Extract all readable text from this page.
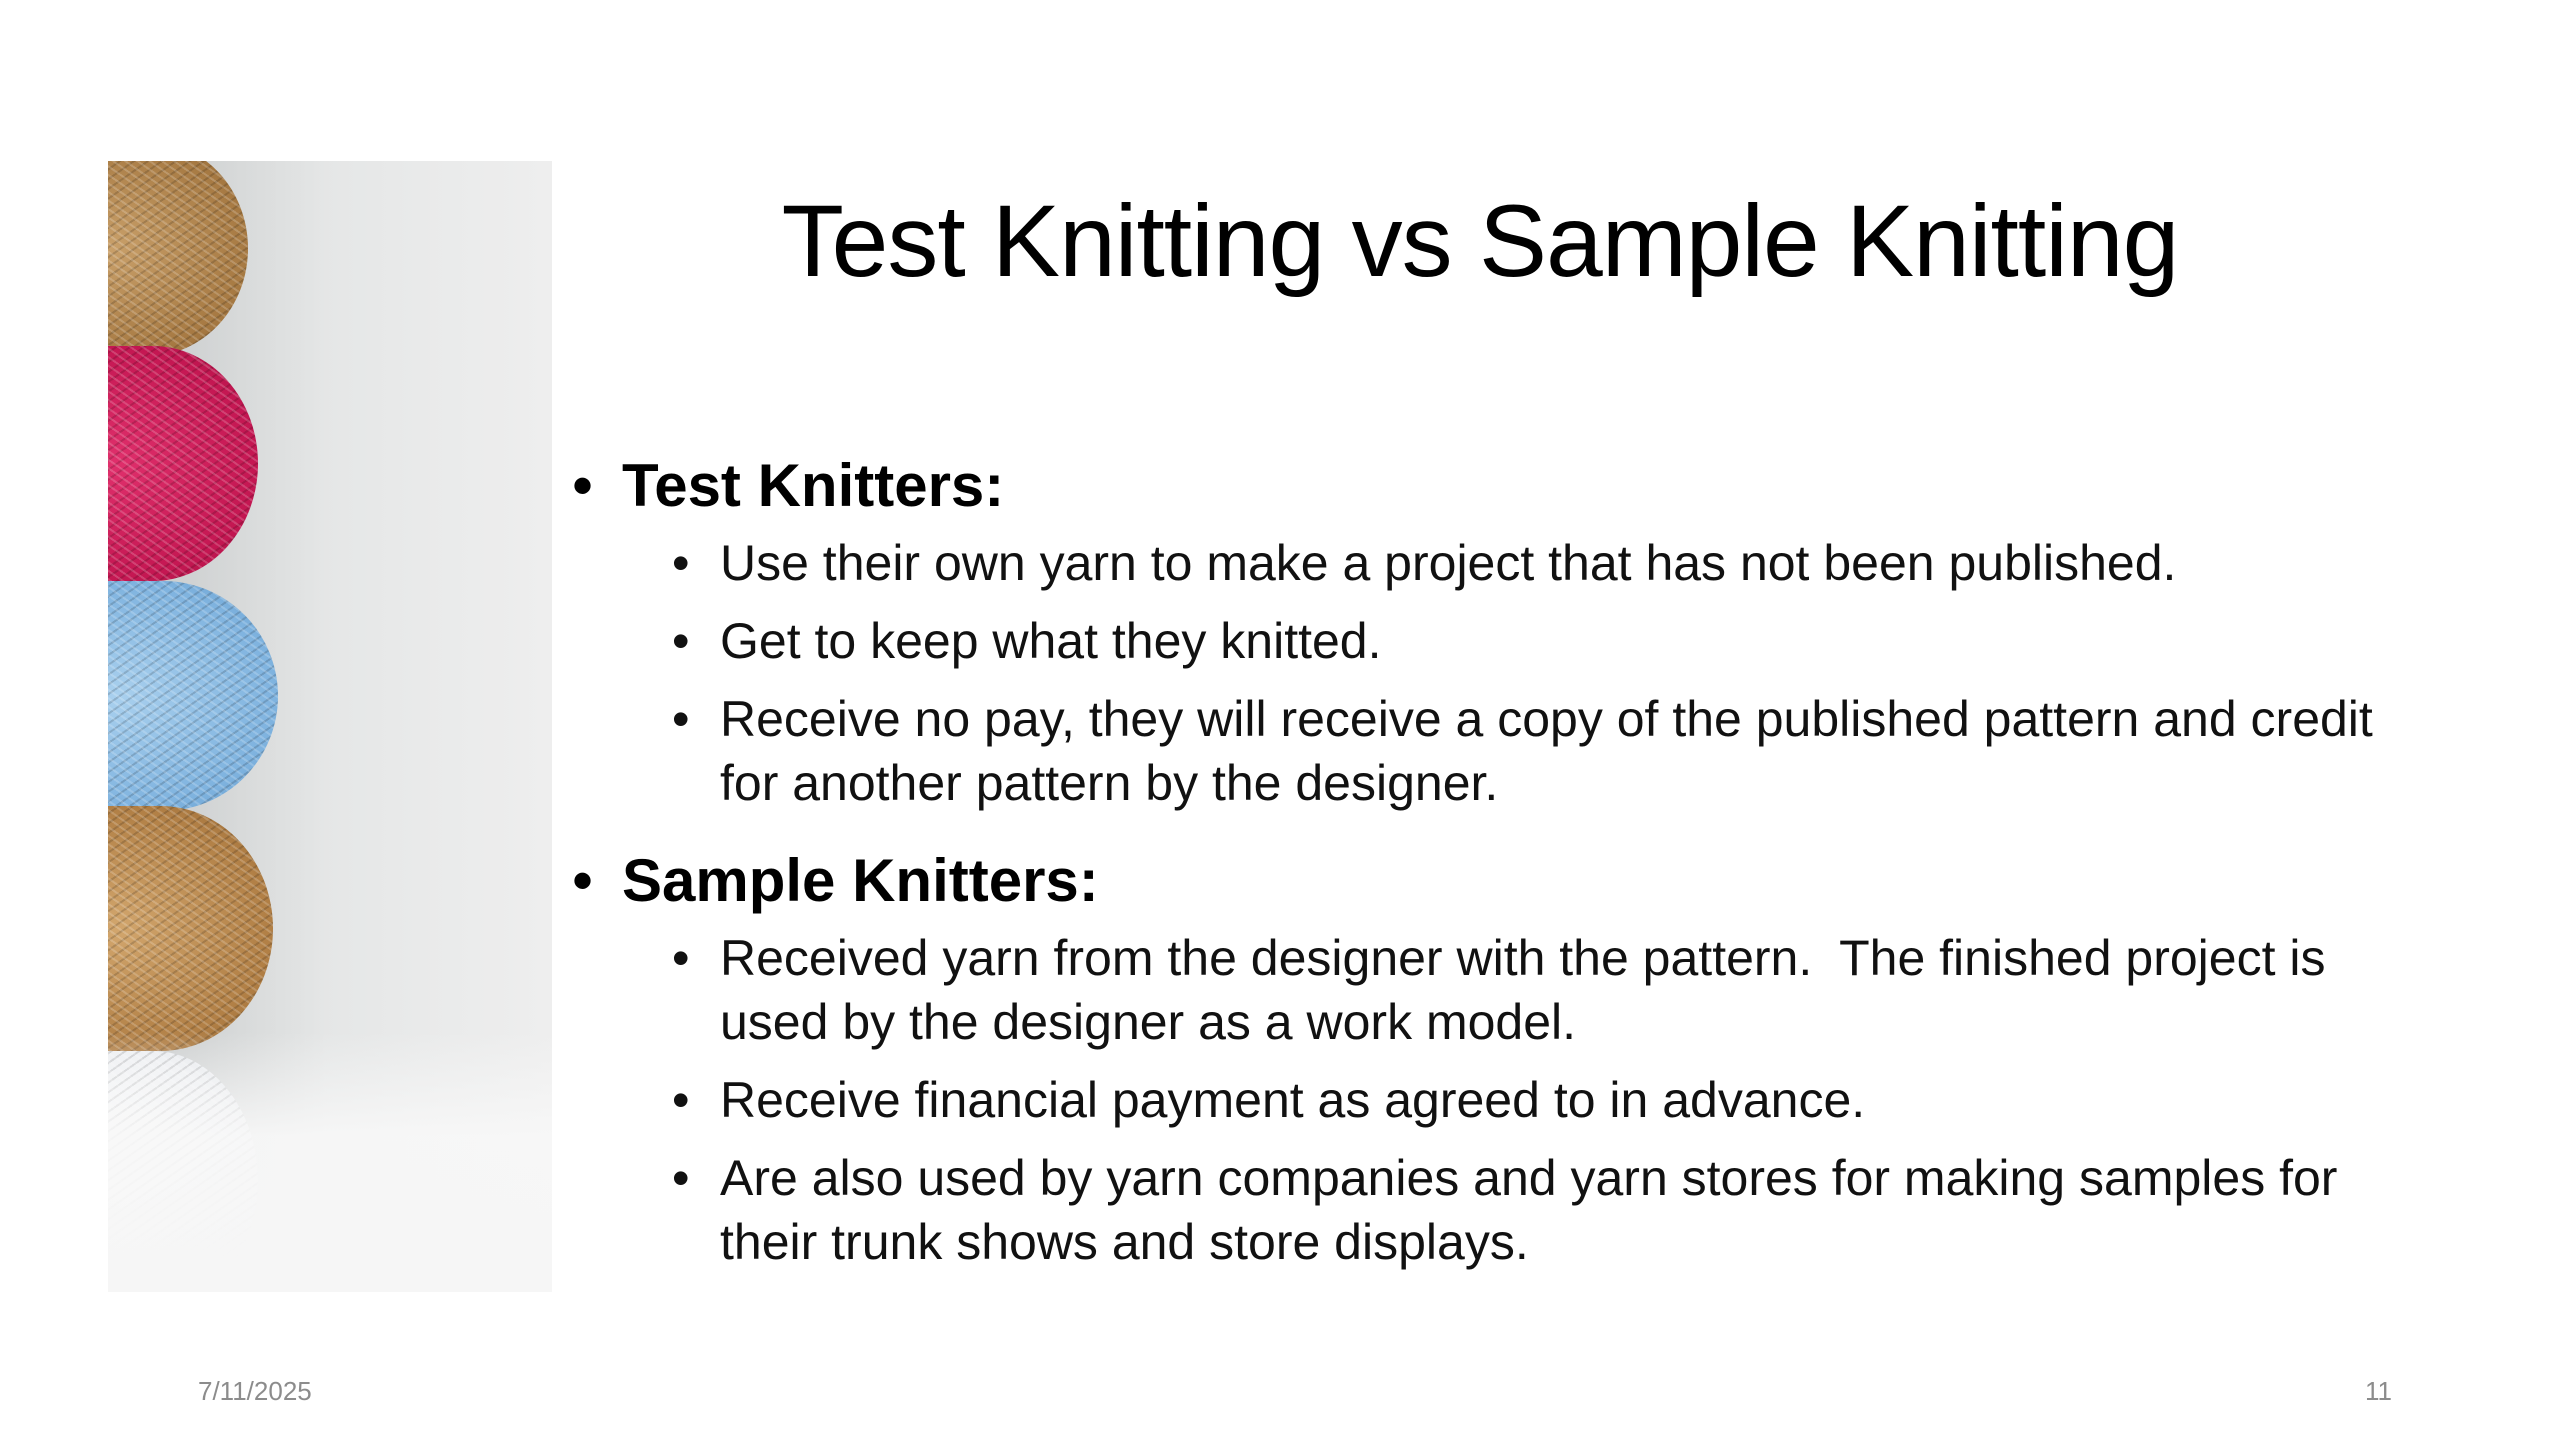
Test Knitting vs Sample Knitting

• Test Knitters:

• Use their own yarn to make a project that has not been published.
• Get to keep what they knitted.
• Receive no pay, they will receive a copy of the published pattern and credit     for another pattern by the designer.

• Sample Knitters:

• Received yarn from the designer with the pattern.  The finished project is used by the designer as a work model.
• Receive financial payment as agreed to in advance.
• Are also used by yarn companies and yarn stores for making samples for their trunk shows and store displays.
7/11/2025	11
